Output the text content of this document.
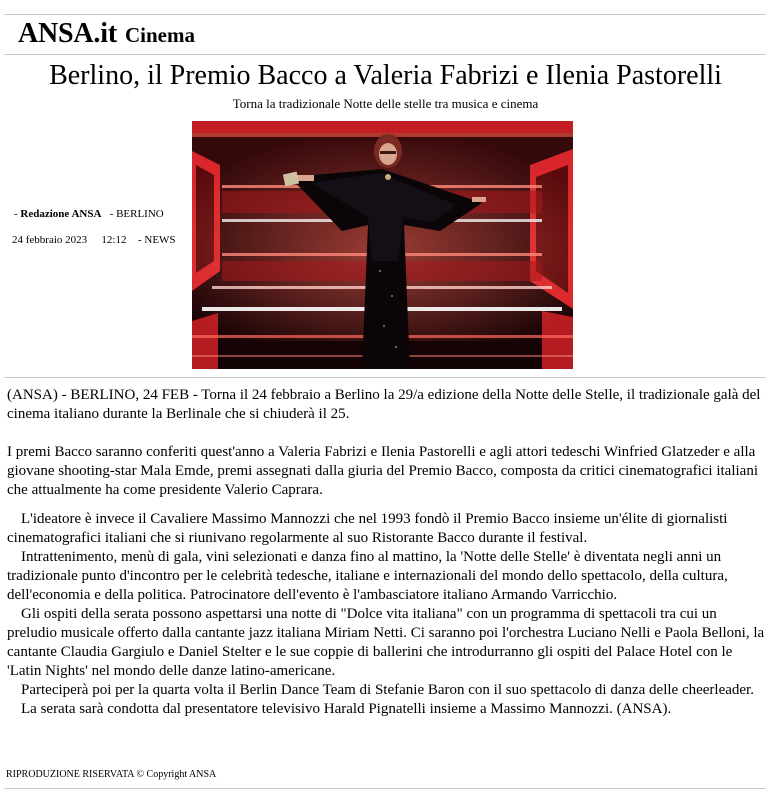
ANSA.it Cinema
Berlino, il Premio Bacco a Valeria Fabrizi e Ilenia Pastorelli
Torna la tradizionale Notte delle stelle tra musica e cinema
- Redazione ANSA - BERLINO
24 febbraio 2023 12:12 - NEWS

(ANSA) - BERLINO, 24 FEB - Torna il 24 febbraio a Berlino la 29/a edizione della Notte delle Stelle, il tradizionale galà del cinema italiano durante la Berlinale che si chiuderà il 25.

I premi Bacco saranno conferiti quest'anno a Valeria Fabrizi e Ilenia Pastorelli e agli attori tedeschi Winfried Glatzeder e alla giovane shooting-star Mala Emde, premi assegnati dalla giuria del Premio Bacco, composta da critici cinematografici italiani che attualmente ha come presidente Valerio Caprara.

L'ideatore è invece il Cavaliere Massimo Mannozzi che nel 1993 fondò il Premio Bacco insieme un'élite di giornalisti cinematografici italiani che si riunivano regolarmente al suo Ristorante Bacco durante il festival.

Intrattenimento, menù di gala, vini selezionati e danza fino al mattino, la 'Notte delle Stelle' è diventata negli anni un tradizionale punto d'incontro per le celebrità tedesche, italiane e internazionali del mondo dello spettacolo, della cultura, dell'economia e della politica. Patrocinatore dell'evento è l'ambasciatore italiano Armando Varricchio.

Gli ospiti della serata possono aspettarsi una notte di "Dolce vita italiana" con un programma di spettacoli tra cui un preludio musicale offerto dalla cantante jazz italiana Miriam Netti. Ci saranno poi l'orchestra Luciano Nelli e Paola Belloni, la cantante Claudia Gargiulo e Daniel Stelter e le sue coppie di ballerini che introdurranno gli ospiti del Palace Hotel con le 'Latin Nights' nel mondo delle danze latino-americane.

Parteciperà poi per la quarta volta il Berlin Dance Team di Stefanie Baron con il suo spettacolo di danza delle cheerleader.

La serata sarà condotta dal presentatore televisivo Harald Pignatelli insieme a Massimo Mannozzi. (ANSA).

RIPRODUZIONE RISERVATA © Copyright ANSA
